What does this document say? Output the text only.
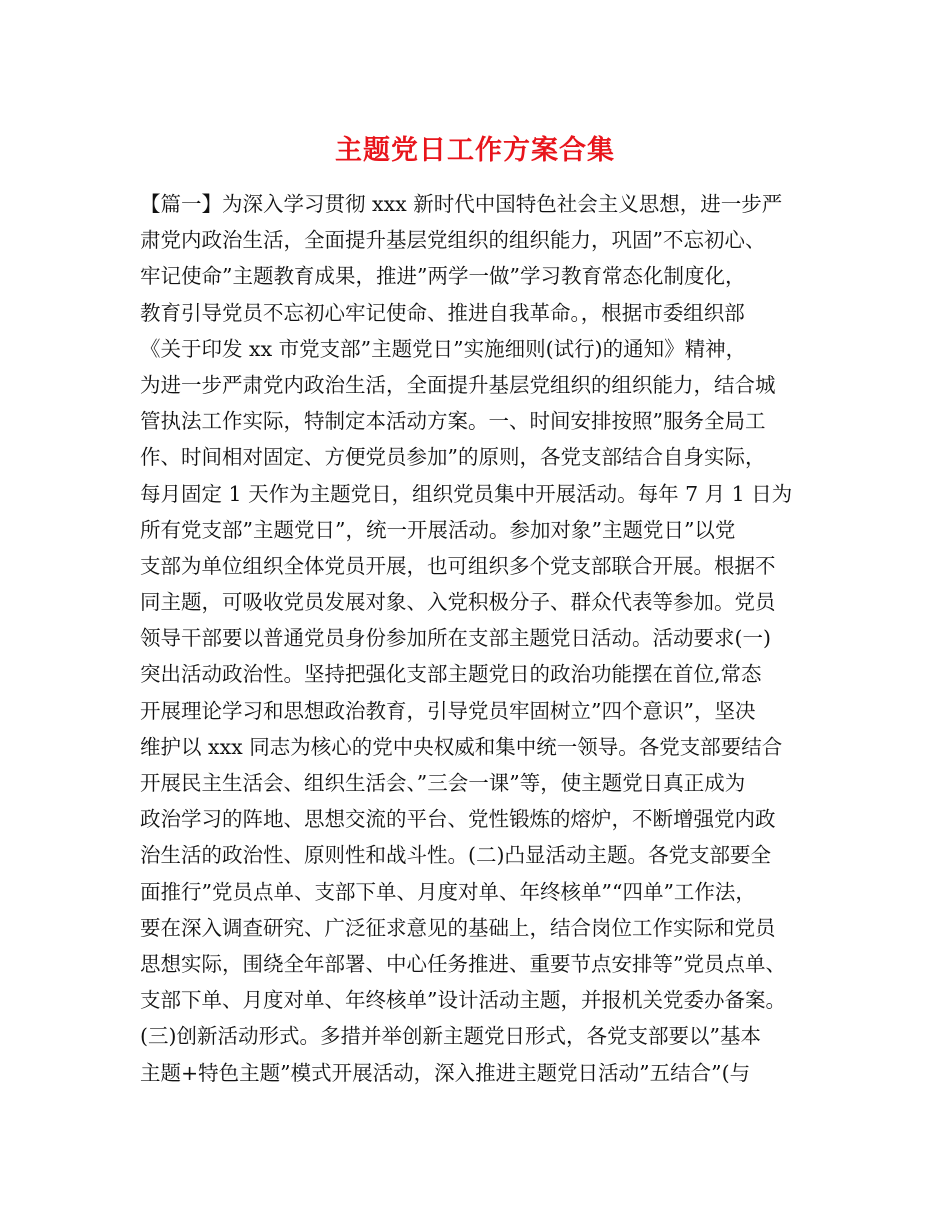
主题党日工作方案合集
【篇一】为深入学习贯彻 xxx 新时代中国特色社会主义思想，进一步严
肃党内政治生活，全面提升基层党组织的组织能力，巩固”不忘初心、
牢记使命”主题教育成果，推进”两学一做”学习教育常态化制度化，
教育引导党员不忘初心牢记使命、推进自我革命。，根据市委组织部
《关于印发 xx 市党支部”主题党日”实施细则(试行)的通知》精神，
为进一步严肃党内政治生活，全面提升基层党组织的组织能力，结合城
管执法工作实际，特制定本活动方案。一、时间安排按照”服务全局工
作、时间相对固定、方便党员参加”的原则，各党支部结合自身实际，
每月固定 1 天作为主题党日，组织党员集中开展活动。每年 7 月 1 日为
所有党支部”主题党日”，统一开展活动。参加对象”主题党日”以党
支部为单位组织全体党员开展，也可组织多个党支部联合开展。根据不
同主题，可吸收党员发展对象、入党积极分子、群众代表等参加。党员
领导干部要以普通党员身份参加所在支部主题党日活动。活动要求(一)
突出活动政治性。坚持把强化支部主题党日的政治功能摆在首位,常态
开展理论学习和思想政治教育，引导党员牢固树立”四个意识”，坚决
维护以 xxx 同志为核心的党中央权威和集中统一领导。各党支部要结合
开展民主生活会、组织生活会、”三会一课”等，使主题党日真正成为
政治学习的阵地、思想交流的平台、党性锻炼的熔炉，不断增强党内政
治生活的政治性、原则性和战斗性。(二)凸显活动主题。各党支部要全
面推行”党员点单、支部下单、月度对单、年终核单”“四单”工作法，
要在深入调查研究、广泛征求意见的基础上，结合岗位工作实际和党员
思想实际，围绕全年部署、中心任务推进、重要节点安排等”党员点单、
支部下单、月度对单、年终核单”设计活动主题，并报机关党委办备案。
(三)创新活动形式。多措并举创新主题党日形式，各党支部要以”基本
主题+特色主题”模式开展活动，深入推进主题党日活动”五结合”(与
